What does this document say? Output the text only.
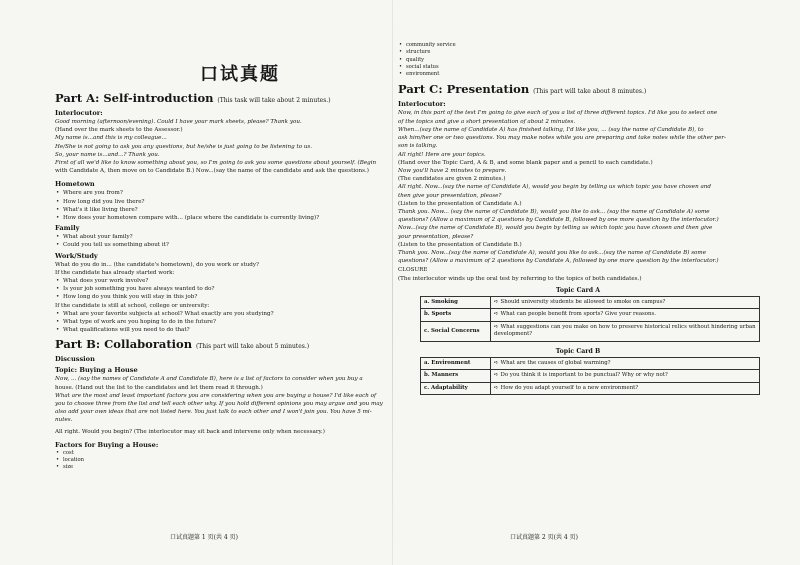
口试真题
Part A: Self-introduction (This task will take about 2 minutes.)
Interlocutor:
Good morning (afternoon/evening). Could I have your mark sheets, please? Thank you.
(Hand over the mark sheets to the Assessor.)
My name is...and this is my colleague...
He/She is not going to ask you any questions, but he/she is just going to be listening to us.
So, your name is...and...? Thank you.
First of all we'd like to know something about you, so I'm going to ask you some questions about yourself. (Begin
with Candidate A, then move on to Candidate B.) Now...(say the name of the candidate and ask the questions.)
Hometown
• Where are you from?
• How long did you live there?
• What's it like living there?
• How does your hometown compare with... (place where the candidate is currently living)?
Family
• What about your family?
• Could you tell us something about it?
Work/Study
What do you do in... (the candidate's hometown), do you work or study?
If the candidate has already started work:
• What does your work involve?
• Is your job something you have always wanted to do?
• How long do you think you will stay in this job?
If the candidate is still at school, college or university:
• What are your favorite subjects at school? What exactly are you studying?
• What type of work are you hoping to do in the future?
• What qualifications will you need to do that?
Part B: Collaboration (This part will take about 5 minutes.)
Discussion
Topic: Buying a House
Now, ... (say the names of Candidate A and Candidate B), here is a list of factors to consider when you buy a
house. (Hand out the list to the candidates and let them read it through.)
What are the most and least important factors you are considering when you are buying a house? I'd like each of
you to choose three from the list and tell each other why. If you hold different opinions you may argue and you may
also add your own ideas that are not listed here. You just talk to each other and I won't join you. You have 5 mi-
nutes.
All right. Would you begin? (The interlocutor may sit back and intervene only when necessary.)
Factors for Buying a House:
• cost
• location
• size
口试真题第 1 页(共 4 页)
• community service
• structure
• quality
• social status
• environment
Part C: Presentation (This part will take about 8 minutes.)
Interlocutor:
Now, in this part of the test I'm going to give each of you a list of three different topics. I'd like you to select one
of the topics and give a short presentation of about 2 minutes.
When...(say the name of Candidate A) has finished talking, I'd like you, ... (say the name of Candidate B), to
ask him/her one or two questions. You may make notes while you are preparing and take notes while the other per-
son is talking.
All right! Here are your topics.
(Hand over the Topic Card, A & B, and some blank paper and a pencil to each candidate.)
Now you'll have 2 minutes to prepare.
(The candidates are given 2 minutes.)
All right. Now...(say the name of Candidate A), would you begin by telling us which topic you have chosen and
then give your presentation, please?
(Listen to the presentation of Candidate A.)
Thank you. Now... (say the name of Candidate B), would you like to ask... (say the name of Candidate A) some
questions? (Allow a maximum of 2 questions by Candidate B, followed by one more question by the interlocutor.)
Now...(say the name of Candidate B), would you begin by telling us which topic you have chosen and then give
your presentation, please?
(Listen to the presentation of Candidate B.)
Thank you. Now...(say the name of Candidate A), would you like to ask...(say the name of Candidate B) some
questions? (Allow a maximum of 2 questions by Candidate A, followed by one more question by the interlocutor.)
CLOSURE
(The interlocutor winds up the oral test by referring to the topics of both candidates.)
Topic Card A
a. Smoking	➪ Should university students be allowed to smoke on campus?
b. Sports	➪ What can people benefit from sports? Give your reasons.
c. Social Concerns	➪ What suggestions can you make on how to preserve historical relics without hindering urban development?
Topic Card B
a. Environment	➪ What are the causes of global warming?
b. Manners	➪ Do you think it is important to be punctual? Why or why not?
c. Adaptability	➪ How do you adapt yourself to a new environment?
口试真题第 2 页(共 4 页)
